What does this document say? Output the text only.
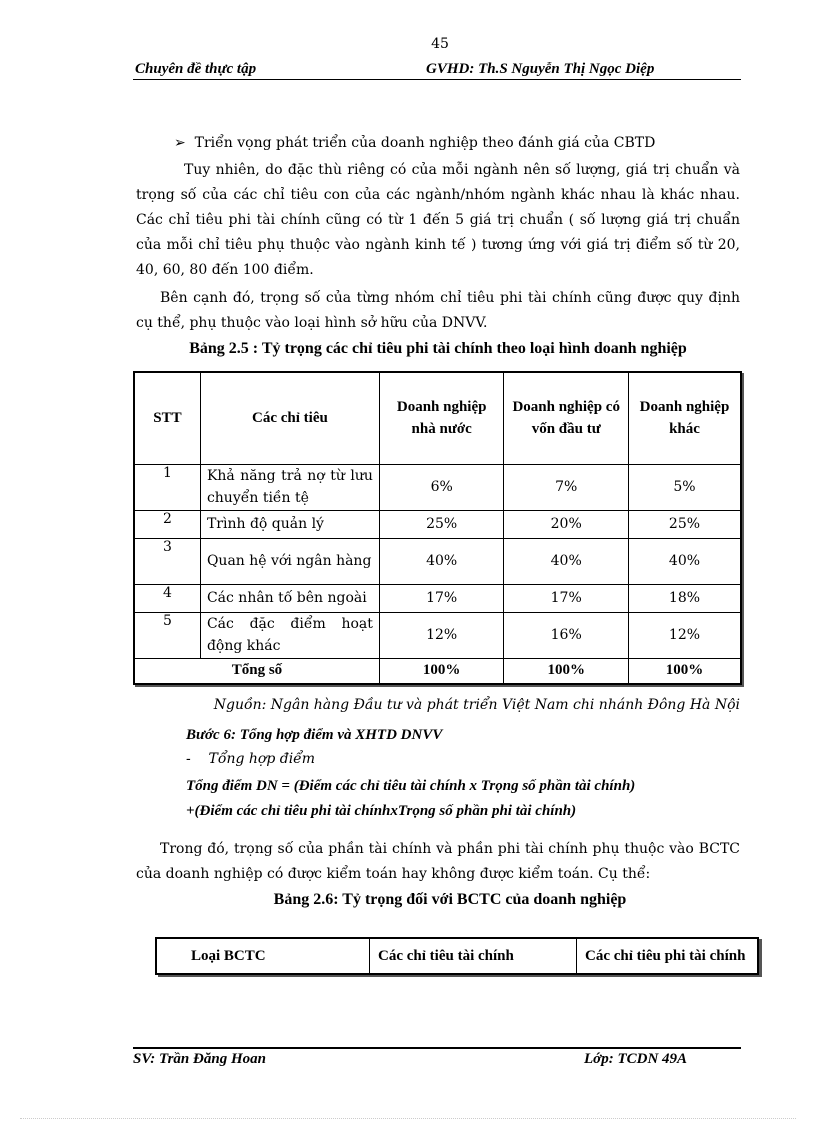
45
Chuyên đề thực tập	GVHD: Th.S Nguyễn Thị Ngọc Diệp
➢ Triển vọng phát triển của doanh nghiệp theo đánh giá của CBTD
Tuy nhiên, do đặc thù riêng có của mỗi ngành nên số lượng, giá trị chuẩn và trọng số của các chỉ tiêu con của các ngành/nhóm ngành khác nhau là khác nhau. Các chỉ tiêu phi tài chính cũng có từ 1 đến 5 giá trị chuẩn ( số lượng giá trị chuẩn của mỗi chỉ tiêu phụ thuộc vào ngành kinh tế ) tương ứng với giá trị điểm số từ 20, 40, 60, 80 đến 100 điểm.
Bên cạnh đó, trọng số của từng nhóm chỉ tiêu phi tài chính cũng được quy định cụ thể, phụ thuộc vào loại hình sở hữu của DNVV.
Bảng 2.5 : Tỷ trọng các chỉ tiêu phi tài chính theo loại hình doanh nghiệp
STT	Các chỉ tiêu	Doanh nghiệp nhà nước	Doanh nghiệp có vốn đầu tư	Doanh nghiệp khác
1	Khả năng trả nợ từ lưu chuyển tiền tệ	6%	7%	5%
2	Trình độ quản lý	25%	20%	25%
3	Quan hệ với ngân hàng	40%	40%	40%
4	Các nhân tố bên ngoài	17%	17%	18%
5	Các đặc điểm hoạt động khác	12%	16%	12%
Tổng số		100%	100%	100%
Nguồn: Ngân hàng Đầu tư và phát triển Việt Nam chi nhánh Đông Hà Nội
Bước 6: Tổng hợp điểm và XHTD DNVV
- Tổng hợp điểm
Tổng điểm DN = (Điểm các chỉ tiêu tài chính x Trọng số phần tài chính)
+(Điểm các chỉ tiêu phi tài chínhxTrọng số phần phi tài chính)
Trong đó, trọng số của phần tài chính và phần phi tài chính phụ thuộc vào BCTC của doanh nghiệp có được kiểm toán hay không được kiểm toán. Cụ thể:
Bảng 2.6: Tỷ trọng đối với BCTC của doanh nghiệp
Loại BCTC	Các chỉ tiêu tài chính	Các chỉ tiêu phi tài chính
SV: Trần Đăng Hoan	Lớp: TCDN 49A
